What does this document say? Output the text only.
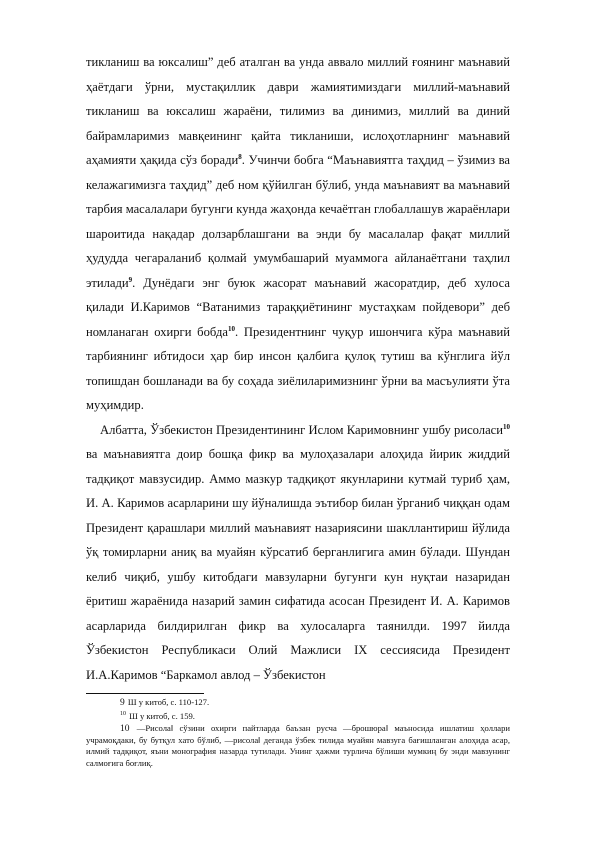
тикланиш ва юксалиш” деб аталган ва унда аввало миллий ғоянинг маънавий ҳаётдаги ўрни, мустақиллик даври жамиятимиздаги миллий-маънавий тикланиш ва юксалиш жараёни, тилимиз ва динимиз, миллий ва диний байрамларимиз мавқеининг қайта тикланиши, ислоҳотларнинг маънавий аҳамияти ҳақида сўз боради$^8$. Учинчи бобга “Маънавиятга таҳдид – ўзимиз ва келажагимизга таҳдид” деб ном қўйилган бўлиб, унда маънавият ва маънавий тарбия масалалари бугунги кунда жаҳонда кечаётган глобаллашув жараёнлари шароитида нақадар долзарблашгани ва энди бу масалалар фақат миллий ҳудудда чегараланиб қолмай умумбашарий муаммога айланаётгани таҳлил этилади$^9$. Дунёдаги энг буюк жасорат маънавий жасоратдир, деб хулоса қилади И.Каримов “Ватанимиз тараққиётининг мустаҳкам пойдевори” деб номланаган охирги бобда$^{10}$. Президентнинг чуқур ишончига кўра маънавий тарбиянинг ибтидоси ҳар бир инсон қалбига қулоқ тутиш ва кўнглига йўл топишдан бошланади ва бу соҳада зиёлиларимизнинг ўрни ва масъулияти ўта муҳимдир.

Албатта, Ўзбекистон Президентининг Ислом Каримовнинг ушбу рисоласи$^{10}$ ва маънавиятга доир бошқа фикр ва мулоҳазалари алоҳида йирик жиддий тадқиқот мавзусидир. Аммо мазкур тадқиқот якунларини кутмай туриб ҳам, И. А. Каримов асарларини шу йўналишда эътибор билан ўрганиб чиққан одам Президент қарашлари миллий маънавият назариясини шакллантириш йўлида ўқ томирларни аниқ ва муайян кўрсатиб берганлигига амин бўлади. Шундан келиб чиқиб, ушбу китобдаги мавзуларни бугунги кун нуқтаи назаридан ёритиш жараёнида назарий замин сифатида асосан Президент И. А. Каримов асарларида билдирилган фикр ва хулосаларга таянилди. 1997 йилда Ўзбекистон Республикаси Олий Мажлиси IX сессиясида Президент И.А.Каримов “Баркамол авлод – Ўзбекистон

9 Ш у китоб, с. 110-127.

$^{10}$ Ш у китоб, с. 159.

10 ―Рисола‖ сўзини охирги пайтларда баъзан русча ―брошюра‖ маъносида ишлатиш ҳоллари учрамоқдаки, бу бутқул хато бўлиб, ―рисола‖ деганда ўзбек тилида муайян мавзуга бағишланган алоҳида асар, илмий тадқиқот, яъни монография назарда тутилади. Унинг ҳажми турлича бўлиши мумкиң бу энди мавзунинг салмоғига боғлиқ.
